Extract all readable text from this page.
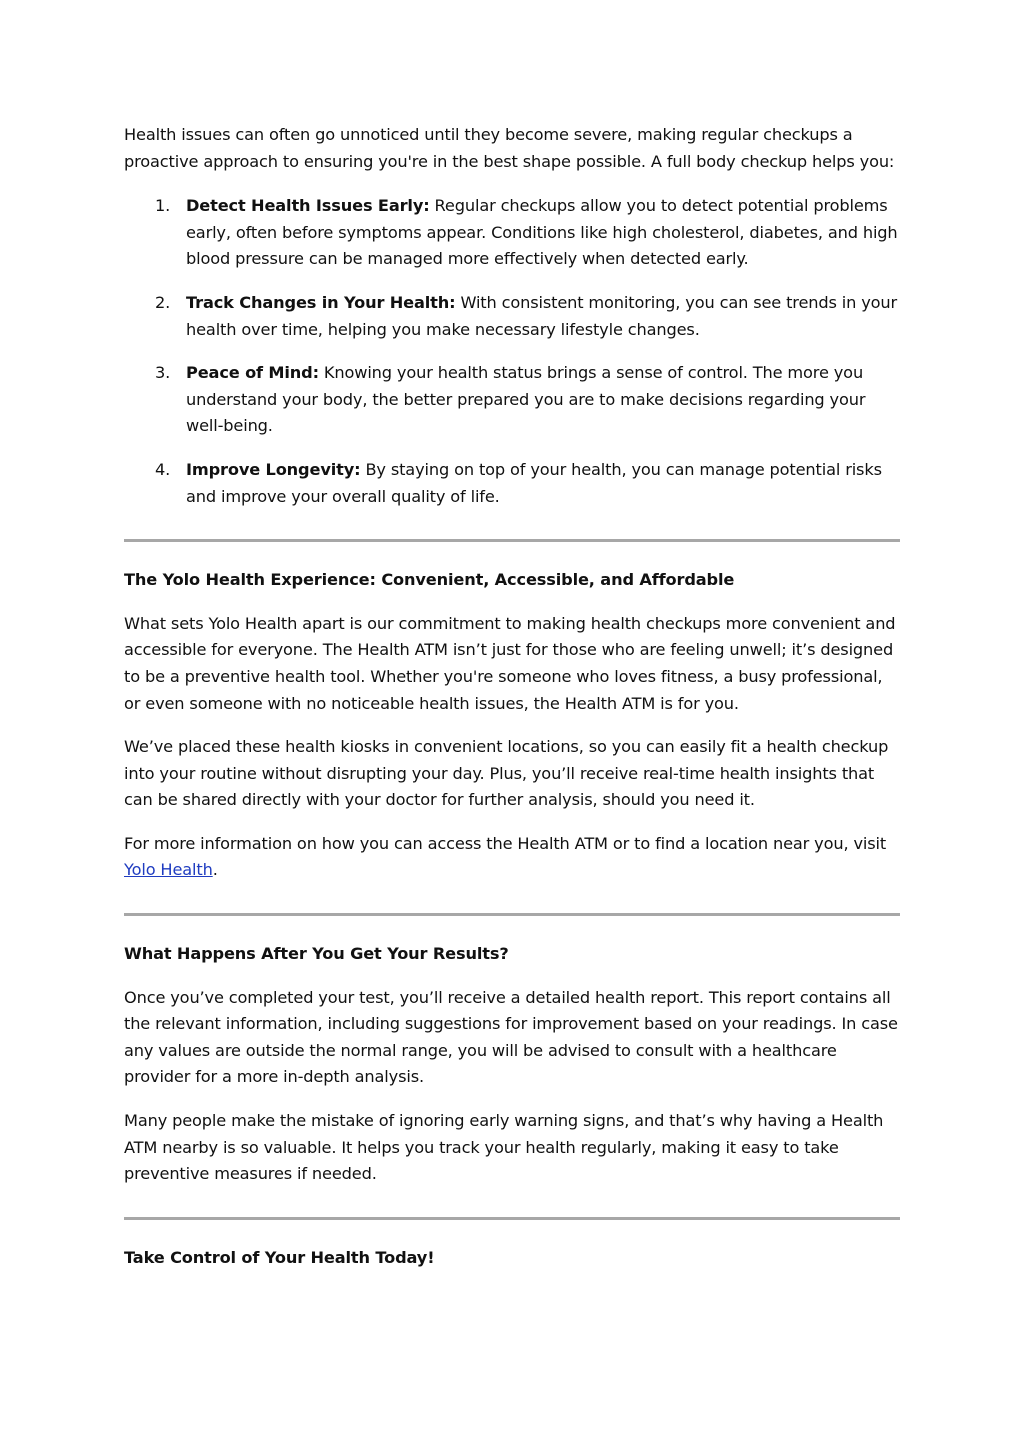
Health issues can often go unnoticed until they become severe, making regular checkups a proactive approach to ensuring you're in the best shape possible. A full body checkup helps you:

1. Detect Health Issues Early: Regular checkups allow you to detect potential problems early, often before symptoms appear. Conditions like high cholesterol, diabetes, and high blood pressure can be managed more effectively when detected early.
2. Track Changes in Your Health: With consistent monitoring, you can see trends in your health over time, helping you make necessary lifestyle changes.
3. Peace of Mind: Knowing your health status brings a sense of control. The more you understand your body, the better prepared you are to make decisions regarding your well-being.
4. Improve Longevity: By staying on top of your health, you can manage potential risks and improve your overall quality of life.

The Yolo Health Experience: Convenient, Accessible, and Affordable

What sets Yolo Health apart is our commitment to making health checkups more convenient and accessible for everyone. The Health ATM isn’t just for those who are feeling unwell; it’s designed to be a preventive health tool. Whether you're someone who loves fitness, a busy professional, or even someone with no noticeable health issues, the Health ATM is for you.

We’ve placed these health kiosks in convenient locations, so you can easily fit a health checkup into your routine without disrupting your day. Plus, you’ll receive real-time health insights that can be shared directly with your doctor for further analysis, should you need it.

For more information on how you can access the Health ATM or to find a location near you, visit Yolo Health.

What Happens After You Get Your Results?

Once you’ve completed your test, you’ll receive a detailed health report. This report contains all the relevant information, including suggestions for improvement based on your readings. In case any values are outside the normal range, you will be advised to consult with a healthcare provider for a more in-depth analysis.

Many people make the mistake of ignoring early warning signs, and that’s why having a Health ATM nearby is so valuable. It helps you track your health regularly, making it easy to take preventive measures if needed.

Take Control of Your Health Today!
